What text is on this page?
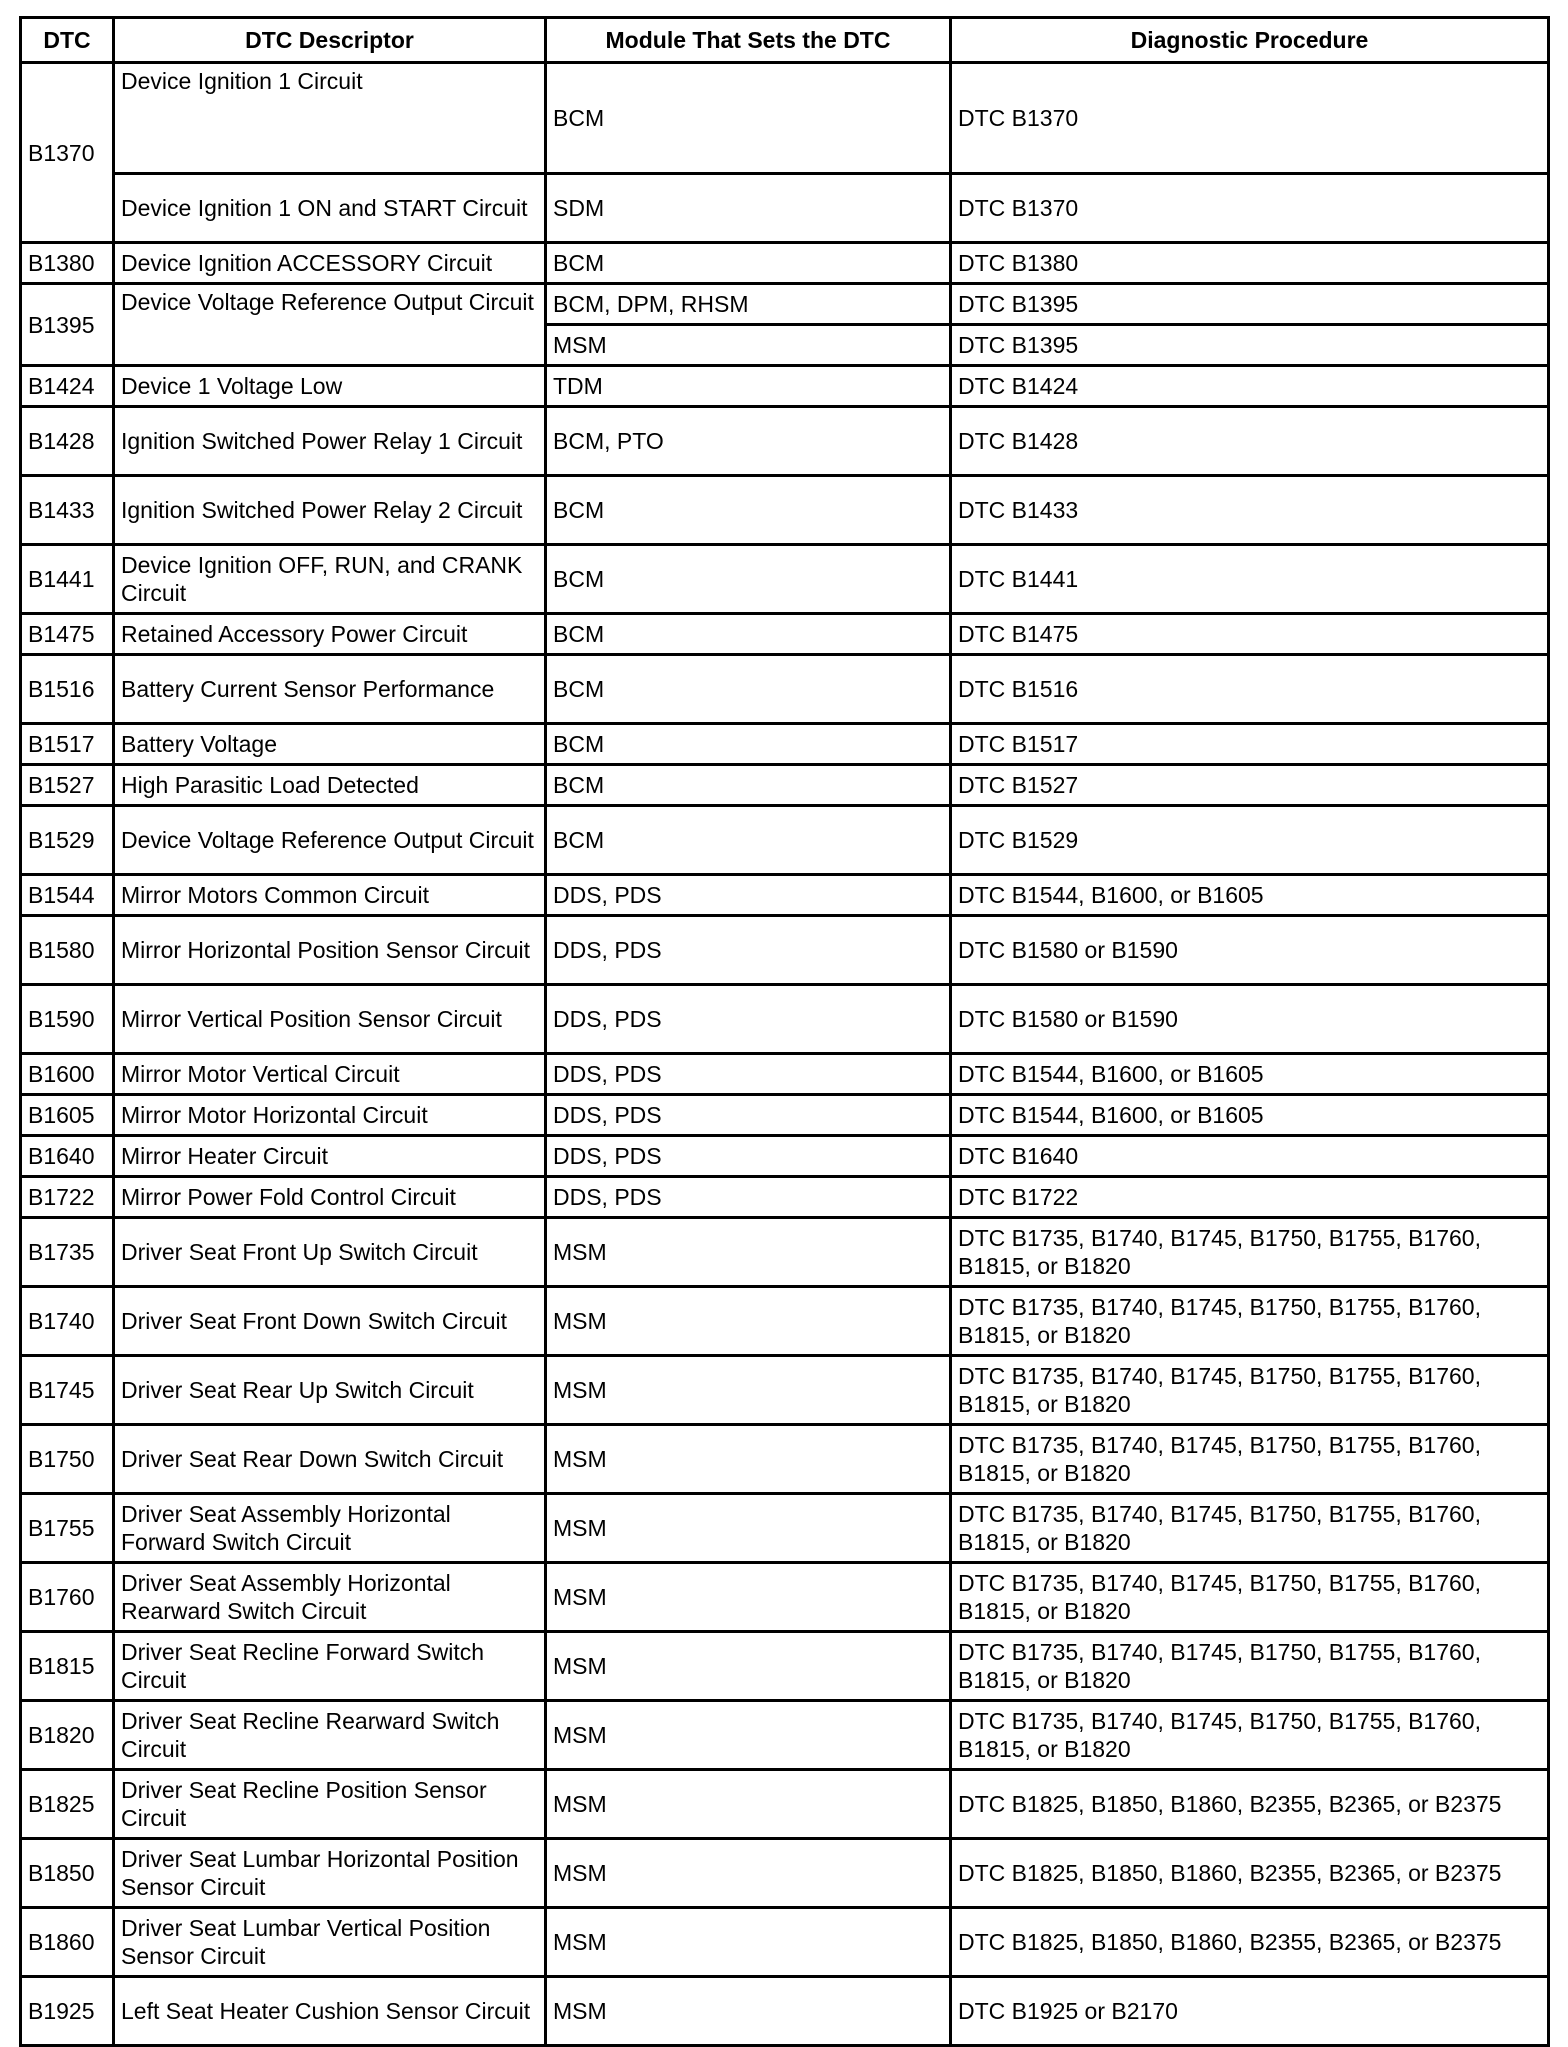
DTC	DTC Descriptor	Module That Sets the DTC	Diagnostic Procedure
B1370	Device Ignition 1 Circuit	BCM	DTC B1370
	Device Ignition 1 ON and START Circuit	SDM	DTC B1370
B1380	Device Ignition ACCESSORY Circuit	BCM	DTC B1380
B1395	Device Voltage Reference Output Circuit	BCM, DPM, RHSM	DTC B1395
		MSM	DTC B1395
B1424	Device 1 Voltage Low	TDM	DTC B1424
B1428	Ignition Switched Power Relay 1 Circuit	BCM, PTO	DTC B1428
B1433	Ignition Switched Power Relay 2 Circuit	BCM	DTC B1433
B1441	Device Ignition OFF, RUN, and CRANK Circuit	BCM	DTC B1441
B1475	Retained Accessory Power Circuit	BCM	DTC B1475
B1516	Battery Current Sensor Performance	BCM	DTC B1516
B1517	Battery Voltage	BCM	DTC B1517
B1527	High Parasitic Load Detected	BCM	DTC B1527
B1529	Device Voltage Reference Output Circuit	BCM	DTC B1529
B1544	Mirror Motors Common Circuit	DDS, PDS	DTC B1544, B1600, or B1605
B1580	Mirror Horizontal Position Sensor Circuit	DDS, PDS	DTC B1580 or B1590
B1590	Mirror Vertical Position Sensor Circuit	DDS, PDS	DTC B1580 or B1590
B1600	Mirror Motor Vertical Circuit	DDS, PDS	DTC B1544, B1600, or B1605
B1605	Mirror Motor Horizontal Circuit	DDS, PDS	DTC B1544, B1600, or B1605
B1640	Mirror Heater Circuit	DDS, PDS	DTC B1640
B1722	Mirror Power Fold Control Circuit	DDS, PDS	DTC B1722
B1735	Driver Seat Front Up Switch Circuit	MSM	DTC B1735, B1740, B1745, B1750, B1755, B1760, B1815, or B1820
B1740	Driver Seat Front Down Switch Circuit	MSM	DTC B1735, B1740, B1745, B1750, B1755, B1760, B1815, or B1820
B1745	Driver Seat Rear Up Switch Circuit	MSM	DTC B1735, B1740, B1745, B1750, B1755, B1760, B1815, or B1820
B1750	Driver Seat Rear Down Switch Circuit	MSM	DTC B1735, B1740, B1745, B1750, B1755, B1760, B1815, or B1820
B1755	Driver Seat Assembly Horizontal Forward Switch Circuit	MSM	DTC B1735, B1740, B1745, B1750, B1755, B1760, B1815, or B1820
B1760	Driver Seat Assembly Horizontal Rearward Switch Circuit	MSM	DTC B1735, B1740, B1745, B1750, B1755, B1760, B1815, or B1820
B1815	Driver Seat Recline Forward Switch Circuit	MSM	DTC B1735, B1740, B1745, B1750, B1755, B1760, B1815, or B1820
B1820	Driver Seat Recline Rearward Switch Circuit	MSM	DTC B1735, B1740, B1745, B1750, B1755, B1760, B1815, or B1820
B1825	Driver Seat Recline Position Sensor Circuit	MSM	DTC B1825, B1850, B1860, B2355, B2365, or B2375
B1850	Driver Seat Lumbar Horizontal Position Sensor Circuit	MSM	DTC B1825, B1850, B1860, B2355, B2365, or B2375
B1860	Driver Seat Lumbar Vertical Position Sensor Circuit	MSM	DTC B1825, B1850, B1860, B2355, B2365, or B2375
B1925	Left Seat Heater Cushion Sensor Circuit	MSM	DTC B1925 or B2170
